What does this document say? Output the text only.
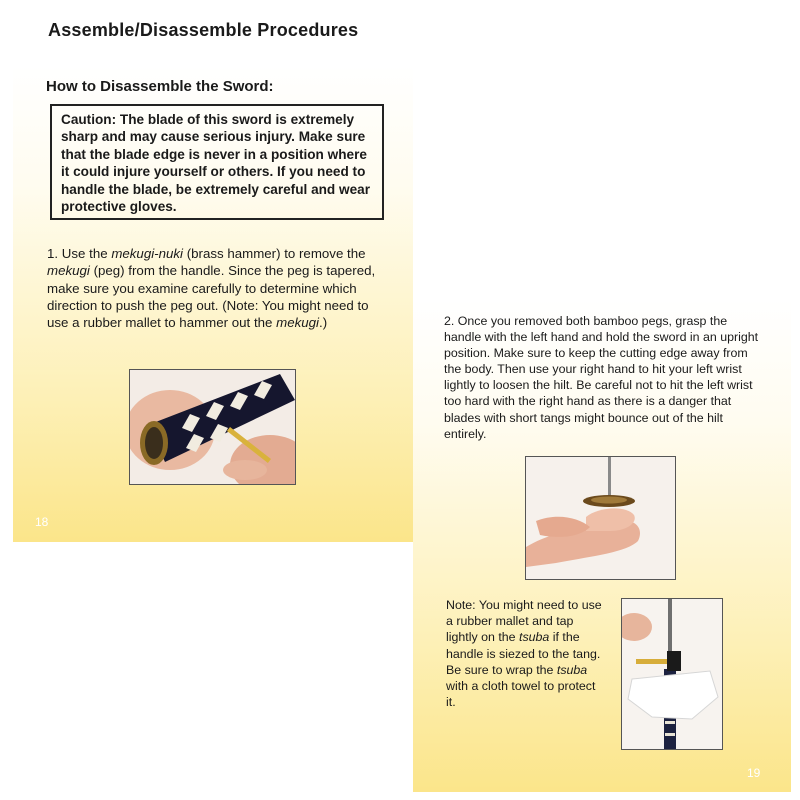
Assemble/Disassemble Procedures
How to Disassemble the Sword:
Caution: The blade of this sword is extremely sharp and may cause serious injury. Make sure that the blade edge is never in a position where it could injure yourself or others. If you need to handle the blade, be extremely careful and wear protective gloves.

1. Use the mekugi-nuki (brass hammer) to remove the mekugi (peg) from the handle. Since the peg is tapered, make sure you examine carefully to determine which direction to push the peg out. (Note: You might need to use a rubber mallet to hammer out the mekugi.)	2. Once you removed both bamboo pegs, grasp the handle with the left hand and hold the sword in an upright position. Make sure to keep the cutting edge away from the body. Then use your right hand to hit your left wrist lightly to loosen the hilt. Be careful not to hit the left wrist too hard with the right hand as there is a danger that blades with short tangs might bounce out of the hilt entirely.

Note: You might need to use a rubber mallet and tap lightly on the tsuba if the handle is siezed to the tang. Be sure to wrap the tsuba with a cloth towel to protect it.

18

19
